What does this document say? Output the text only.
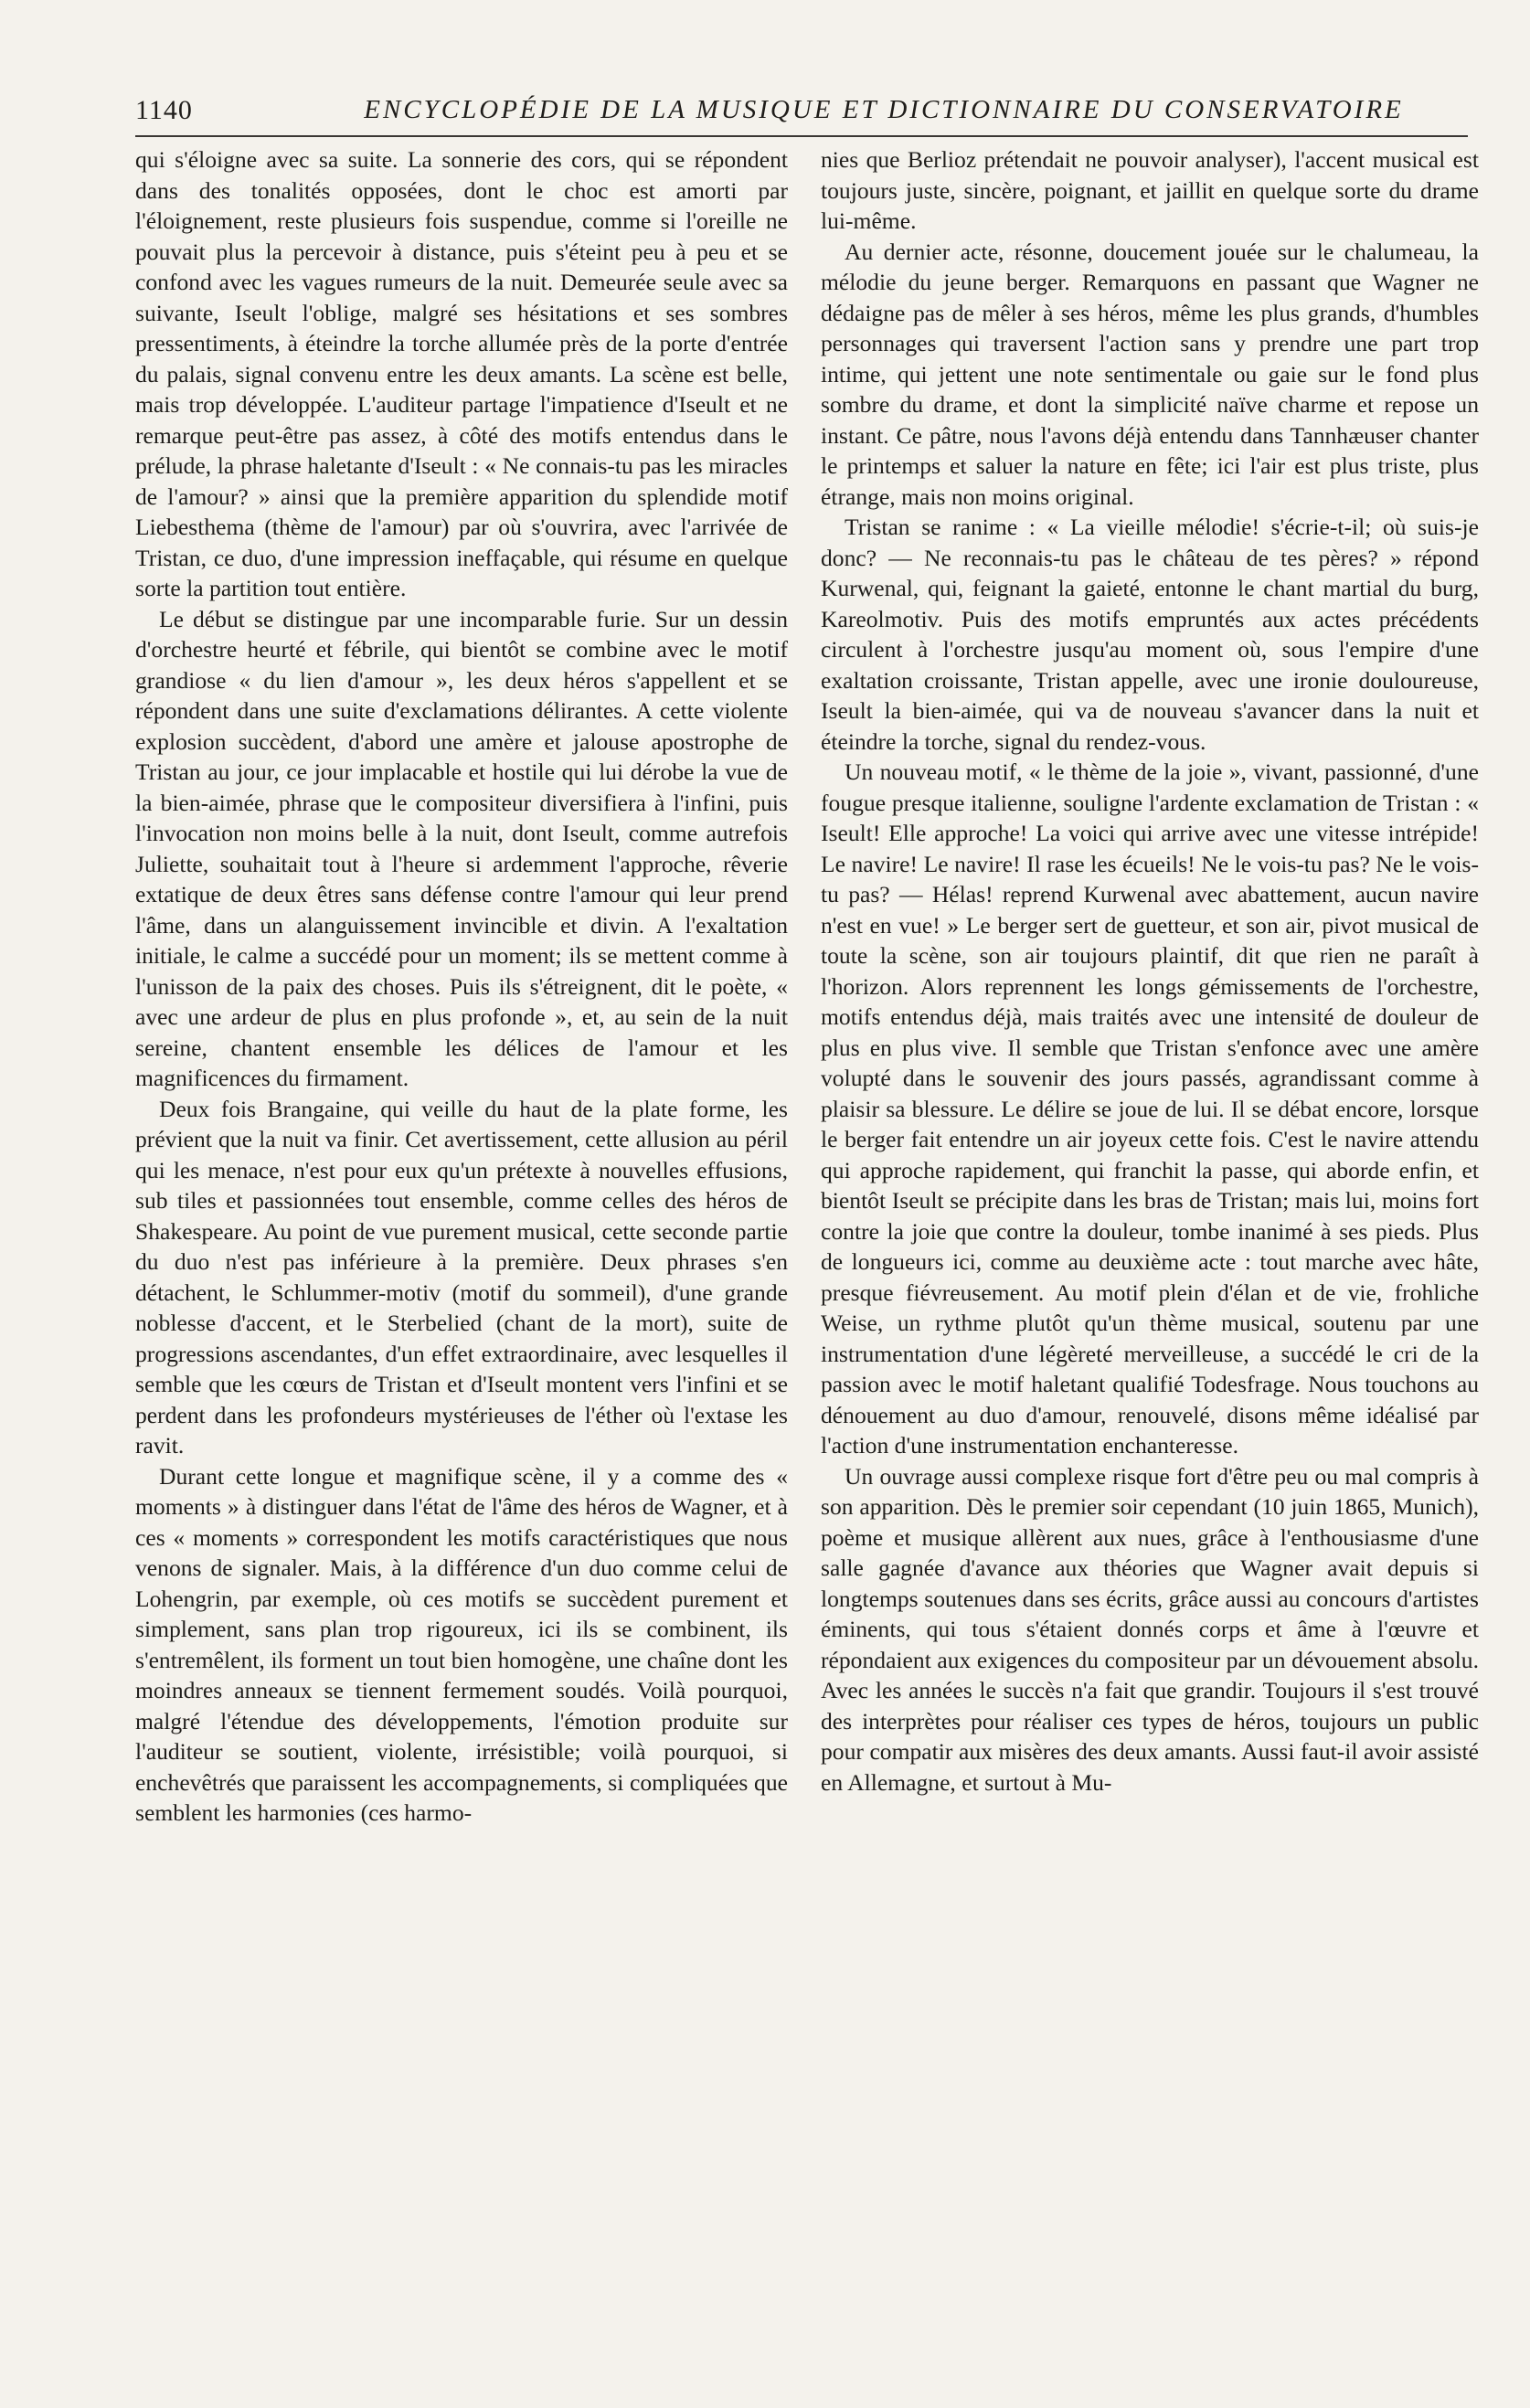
1140	ENCYCLOPÉDIE DE LA MUSIQUE ET DICTIONNAIRE DU CONSERVATOIRE

qui s'éloigne avec sa suite. La sonnerie des cors, qui se répondent dans des tonalités opposées, dont le choc est amorti par l'éloignement, reste plusieurs fois suspendue, comme si l'oreille ne pouvait plus la percevoir à distance, puis s'éteint peu à peu et se confond avec les vagues rumeurs de la nuit. Demeurée seule avec sa suivante, Iseult l'oblige, malgré ses hésitations et ses sombres pressentiments, à éteindre la torche allumée près de la porte d'entrée du palais, signal convenu entre les deux amants. La scène est belle, mais trop développée. L'auditeur partage l'impatience d'Iseult et ne remarque peut-être pas assez, à côté des motifs entendus dans le prélude, la phrase haletante d'Iseult : « Ne connais-tu pas les miracles de l'amour? » ainsi que la première apparition du splendide motif Liebesthema (thème de l'amour) par où s'ouvrira, avec l'arrivée de Tristan, ce duo, d'une impression ineffaçable, qui résume en quelque sorte la partition tout entière.

Le début se distingue par une incomparable furie. Sur un dessin d'orchestre heurté et fébrile, qui bientôt se combine avec le motif grandiose « du lien d'amour », les deux héros s'appellent et se répondent dans une suite d'exclamations délirantes. A cette violente explosion succèdent, d'abord une amère et jalouse apostrophe de Tristan au jour, ce jour implacable et hostile qui lui dérobe la vue de la bien-aimée, phrase que le compositeur diversifiera à l'infini, puis l'invocation non moins belle à la nuit, dont Iseult, comme autrefois Juliette, souhaitait tout à l'heure si ardemment l'approche, rêverie extatique de deux êtres sans défense contre l'amour qui leur prend l'âme, dans un alanguissement invincible et divin. A l'exaltation initiale, le calme a succédé pour un moment; ils se mettent comme à l'unisson de la paix des choses. Puis ils s'étreignent, dit le poète, « avec une ardeur de plus en plus profonde », et, au sein de la nuit sereine, chantent ensemble les délices de l'amour et les magnificences du firmament.

Deux fois Brangaine, qui veille du haut de la plate forme, les prévient que la nuit va finir. Cet avertissement, cette allusion au péril qui les menace, n'est pour eux qu'un prétexte à nouvelles effusions, sub tiles et passionnées tout ensemble, comme celles des héros de Shakespeare. Au point de vue purement musical, cette seconde partie du duo n'est pas inférieure à la première. Deux phrases s'en détachent, le Schlummer-motiv (motif du sommeil), d'une grande noblesse d'accent, et le Sterbelied (chant de la mort), suite de progressions ascendantes, d'un effet extraordinaire, avec lesquelles il semble que les cœurs de Tristan et d'Iseult montent vers l'infini et se perdent dans les profondeurs mystérieuses de l'éther où l'extase les ravit.

Durant cette longue et magnifique scène, il y a comme des « moments » à distinguer dans l'état de l'âme des héros de Wagner, et à ces « moments » correspondent les motifs caractéristiques que nous venons de signaler. Mais, à la différence d'un duo comme celui de Lohengrin, par exemple, où ces motifs se succèdent purement et simplement, sans plan trop rigoureux, ici ils se combinent, ils s'entremêlent, ils forment un tout bien homogène, une chaîne dont les moindres anneaux se tiennent fermement soudés. Voilà pourquoi, malgré l'étendue des développements, l'émotion produite sur l'auditeur se soutient, violente, irrésistible; voilà pourquoi, si enchevêtrés que paraissent les accompagnements, si compliquées que semblent les harmonies (ces harmo-

nies que Berlioz prétendait ne pouvoir analyser), l'accent musical est toujours juste, sincère, poignant, et jaillit en quelque sorte du drame lui-même.

Au dernier acte, résonne, doucement jouée sur le chalumeau, la mélodie du jeune berger. Remarquons en passant que Wagner ne dédaigne pas de mêler à ses héros, même les plus grands, d'humbles personnages qui traversent l'action sans y prendre une part trop intime, qui jettent une note sentimentale ou gaie sur le fond plus sombre du drame, et dont la simplicité naïve charme et repose un instant. Ce pâtre, nous l'avons déjà entendu dans Tannhæuser chanter le printemps et saluer la nature en fête; ici l'air est plus triste, plus étrange, mais non moins original.

Tristan se ranime : « La vieille mélodie! s'écrie-t-il; où suis-je donc? — Ne reconnais-tu pas le château de tes pères? » répond Kurwenal, qui, feignant la gaieté, entonne le chant martial du burg, Kareolmotiv. Puis des motifs empruntés aux actes précédents circulent à l'orchestre jusqu'au moment où, sous l'empire d'une exaltation croissante, Tristan appelle, avec une ironie douloureuse, Iseult la bien-aimée, qui va de nouveau s'avancer dans la nuit et éteindre la torche, signal du rendez-vous.

Un nouveau motif, « le thème de la joie », vivant, passionné, d'une fougue presque italienne, souligne l'ardente exclamation de Tristan : « Iseult! Elle approche! La voici qui arrive avec une vitesse intrépide! Le navire! Le navire! Il rase les écueils! Ne le vois-tu pas? Ne le vois-tu pas? — Hélas! reprend Kurwenal avec abattement, aucun navire n'est en vue! » Le berger sert de guetteur, et son air, pivot musical de toute la scène, son air toujours plaintif, dit que rien ne paraît à l'horizon. Alors reprennent les longs gémissements de l'orchestre, motifs entendus déjà, mais traités avec une intensité de douleur de plus en plus vive. Il semble que Tristan s'enfonce avec une amère volupté dans le souvenir des jours passés, agrandissant comme à plaisir sa blessure. Le délire se joue de lui. Il se débat encore, lorsque le berger fait entendre un air joyeux cette fois. C'est le navire attendu qui approche rapidement, qui franchit la passe, qui aborde enfin, et bientôt Iseult se précipite dans les bras de Tristan; mais lui, moins fort contre la joie que contre la douleur, tombe inanimé à ses pieds. Plus de longueurs ici, comme au deuxième acte : tout marche avec hâte, presque fiévreusement. Au motif plein d'élan et de vie, frohliche Weise, un rythme plutôt qu'un thème musical, soutenu par une instrumentation d'une légèreté merveilleuse, a succédé le cri de la passion avec le motif haletant qualifié Todesfrage. Nous touchons au dénouement au duo d'amour, renouvelé, disons même idéalisé par l'action d'une instrumentation enchanteresse.

Un ouvrage aussi complexe risque fort d'être peu ou mal compris à son apparition. Dès le premier soir cependant (10 juin 1865, Munich), poème et musique allèrent aux nues, grâce à l'enthousiasme d'une salle gagnée d'avance aux théories que Wagner avait depuis si longtemps soutenues dans ses écrits, grâce aussi au concours d'artistes éminents, qui tous s'étaient donnés corps et âme à l'œuvre et répondaient aux exigences du compositeur par un dévouement absolu. Avec les années le succès n'a fait que grandir. Toujours il s'est trouvé des interprètes pour réaliser ces types de héros, toujours un public pour compatir aux misères des deux amants. Aussi faut-il avoir assisté en Allemagne, et surtout à Mu-
